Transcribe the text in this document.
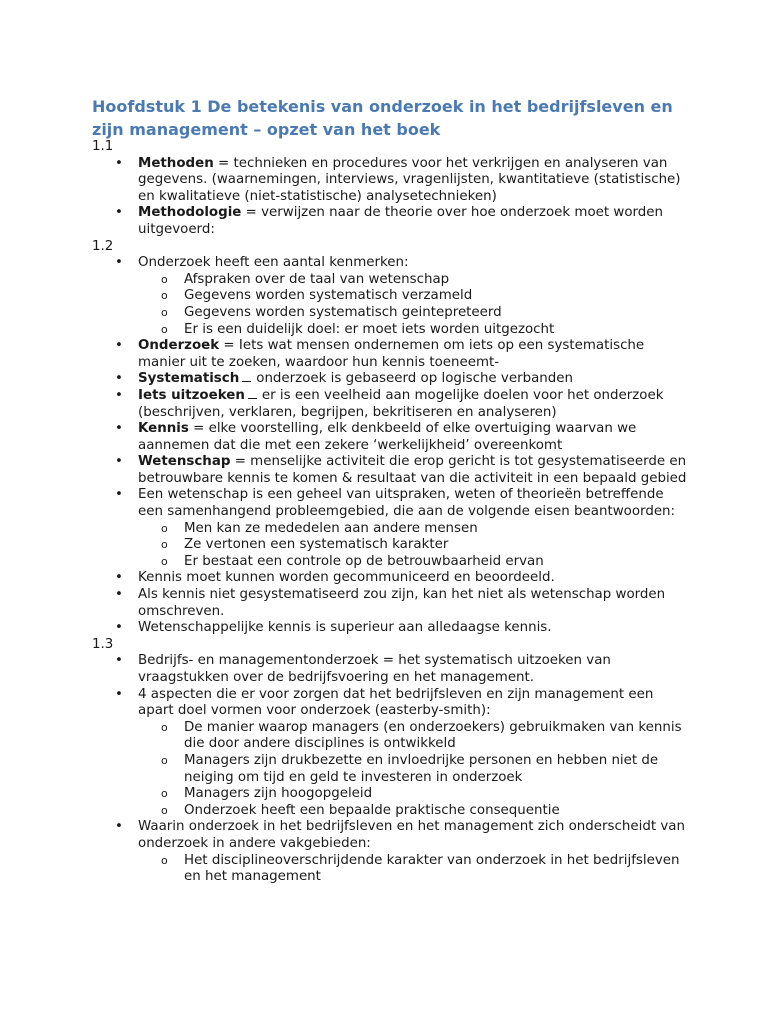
Hoofdstuk 1 De betekenis van onderzoek in het bedrijfsleven en zijn management – opzet van het boek

1.1

• Methoden = technieken en procedures voor het verkrijgen en analyseren van gegevens. (waarnemingen, interviews, vragenlijsten, kwantitatieve (statistische) en kwalitatieve (niet-statistische) analysetechnieken)
• Methodologie = verwijzen naar de theorie over hoe onderzoek moet worden uitgevoerd:

1.2

• Onderzoek heeft een aantal kenmerken:
o Afspraken over de taal van wetenschap
o Gegevens worden systematisch verzameld
o Gegevens worden systematisch geintepreteerd
o Er is een duidelijk doel: er moet iets worden uitgezocht
• Onderzoek = Iets wat mensen ondernemen om iets op een systematische manier uit te zoeken, waardoor hun kennis toeneemt-
• Systematisch onderzoek is gebaseerd op logische verbanden
• Iets uitzoeken er is een veelheid aan mogelijke doelen voor het onderzoek (beschrijven, verklaren, begrijpen, bekritiseren en analyseren)
• Kennis = elke voorstelling, elk denkbeeld of elke overtuiging waarvan we aannemen dat die met een zekere ‘werkelijkheid’ overeenkomt
• Wetenschap = menselijke activiteit die erop gericht is tot gesystematiseerde en betrouwbare kennis te komen & resultaat van die activiteit in een bepaald gebied
• Een wetenschap is een geheel van uitspraken, weten of theorieën betreffende een samenhangend probleemgebied, die aan de volgende eisen beantwoorden:
o Men kan ze mededelen aan andere mensen
o Ze vertonen een systematisch karakter
o Er bestaat een controle op de betrouwbaarheid ervan
• Kennis moet kunnen worden gecommuniceerd en beoordeeld.
• Als kennis niet gesystematiseerd zou zijn, kan het niet als wetenschap worden omschreven.
• Wetenschappelijke kennis is superieur aan alledaagse kennis.

1.3

• Bedrijfs- en managementonderzoek = het systematisch uitzoeken van vraagstukken over de bedrijfsvoering en het management.
• 4 aspecten die er voor zorgen dat het bedrijfsleven en zijn management een apart doel vormen voor onderzoek (easterby-smith):
o De manier waarop managers (en onderzoekers) gebruikmaken van kennis die door andere disciplines is ontwikkeld
o Managers zijn drukbezette en invloedrijke personen en hebben niet de neiging om tijd en geld te investeren in onderzoek
o Managers zijn hoogopgeleid
o Onderzoek heeft een bepaalde praktische consequentie
• Waarin onderzoek in het bedrijfsleven en het management zich onderscheidt van onderzoek in andere vakgebieden:
o Het disciplineoverschrijdende karakter van onderzoek in het bedrijfsleven en het management
